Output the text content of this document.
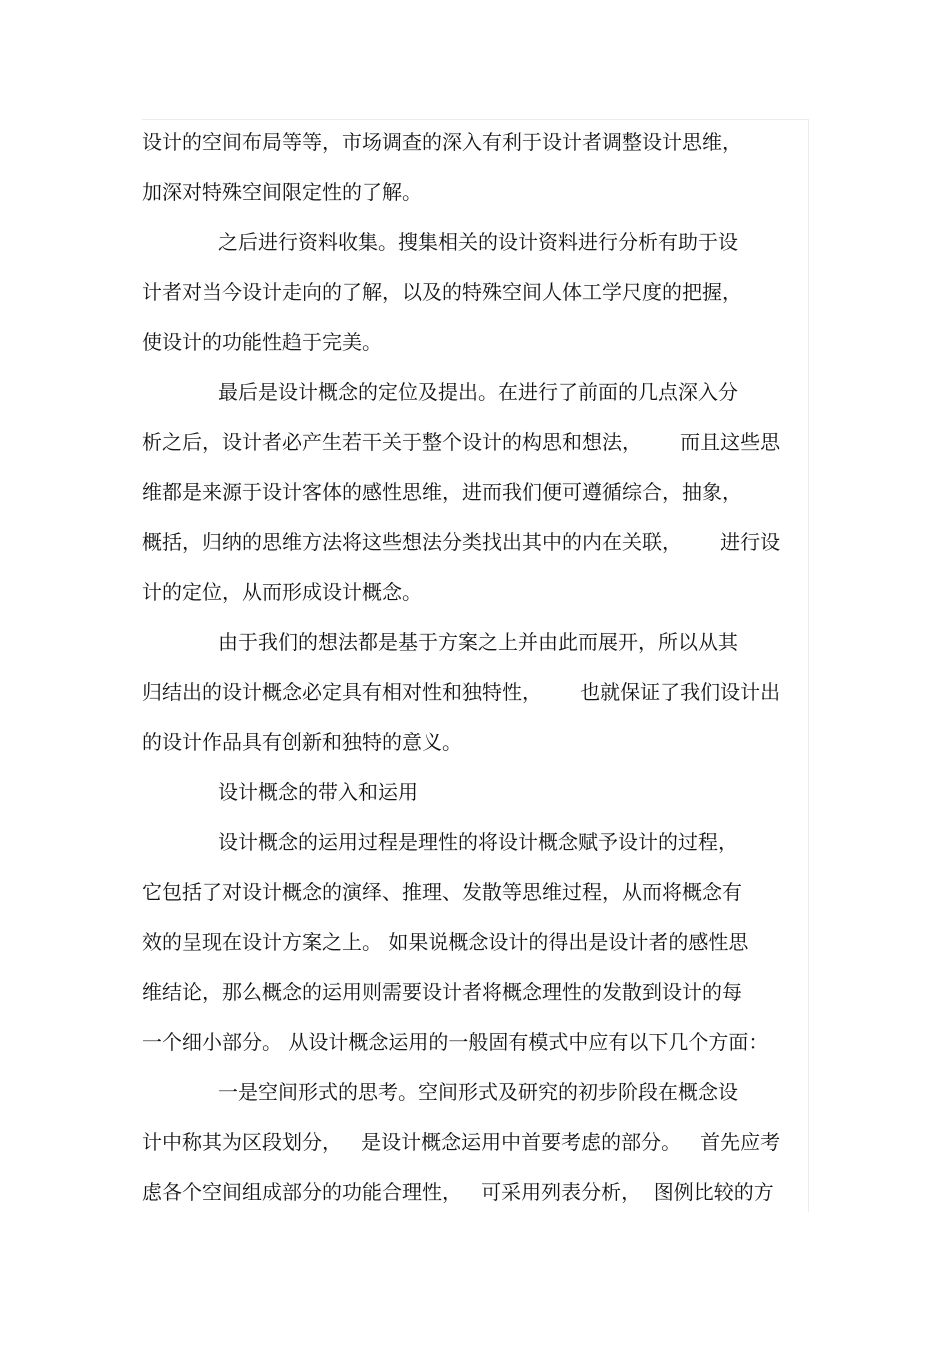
设计的空间布局等等，市场调查的深入有利于设计者调整设计思维，
加深对特殊空间限定性的了解。
之后进行资料收集。搜集相关的设计资料进行分析有助于设
计者对当今设计走向的了解，以及的特殊空间人体工学尺度的把握，
使设计的功能性趋于完美。
最后是设计概念的定位及提出。在进行了前面的几点深入分
析之后，设计者必产生若干关于整个设计的构思和想法，      而且这些思
维都是来源于设计客体的感性思维，进而我们便可遵循综合，抽象，
概括，归纳的思维方法将这些想法分类找出其中的内在关联，      进行设
计的定位，从而形成设计概念。
由于我们的想法都是基于方案之上并由此而展开，所以从其
归结出的设计概念必定具有相对性和独特性，      也就保证了我们设计出
的设计作品具有创新和独特的意义。
设计概念的带入和运用
设计概念的运用过程是理性的将设计概念赋予设计的过程，
它包括了对设计概念的演绎、推理、发散等思维过程，从而将概念有
效的呈现在设计方案之上。 如果说概念设计的得出是设计者的感性思
维结论，那么概念的运用则需要设计者将概念理性的发散到设计的每
一个细小部分。 从设计概念运用的一般固有模式中应有以下几个方面：
一是空间形式的思考。空间形式及研究的初步阶段在概念设
计中称其为区段划分，   是设计概念运用中首要考虑的部分。   首先应考
虑各个空间组成部分的功能合理性，   可采用列表分析，  图例比较的方
